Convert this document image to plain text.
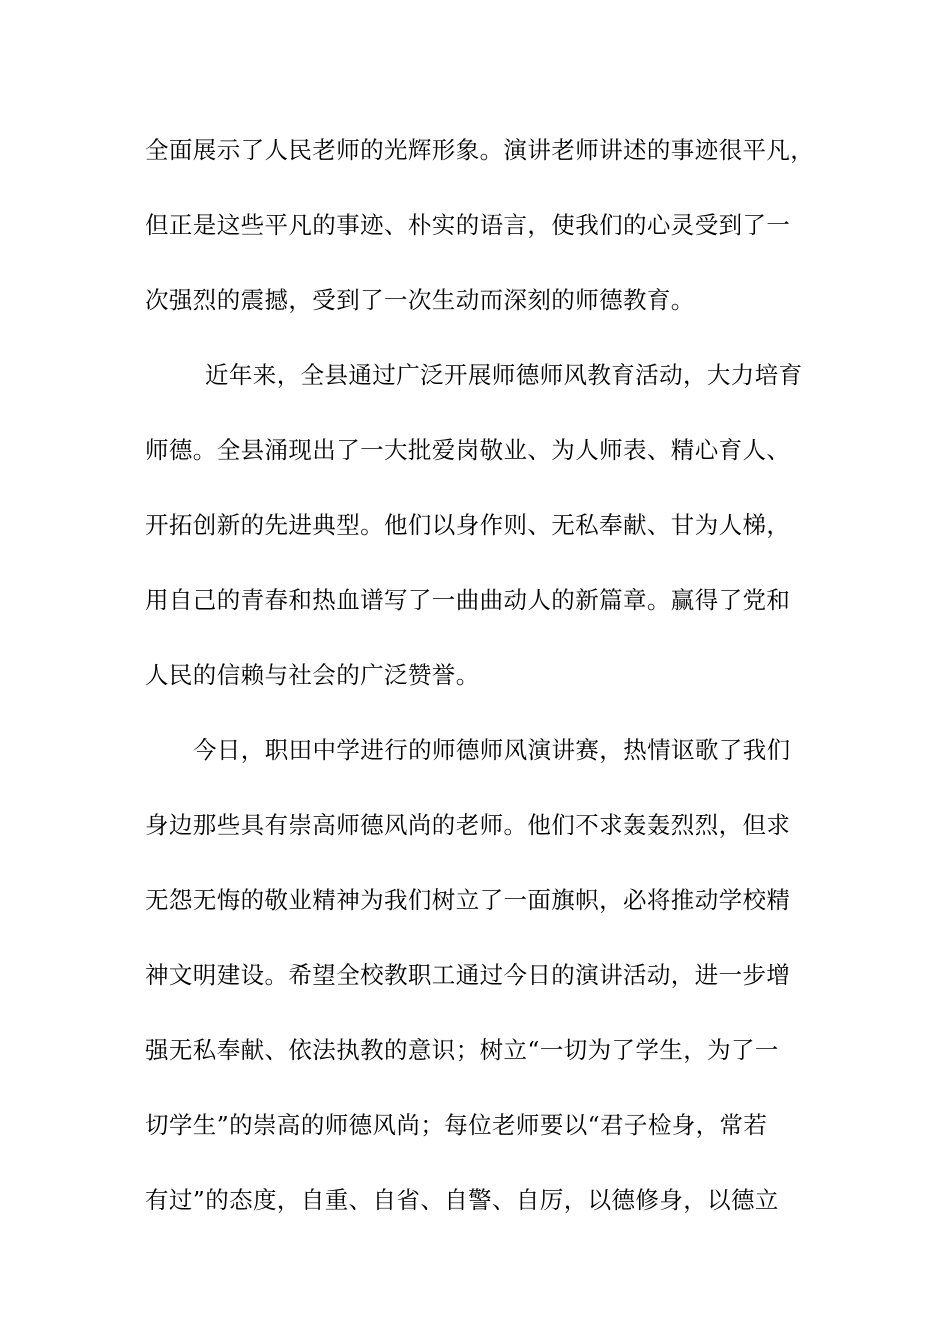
全面展示了人民老师的光辉形象。演讲老师讲述的事迹很平凡，
但正是这些平凡的事迹、朴实的语言，使我们的心灵受到了一
次强烈的震撼，受到了一次生动而深刻的师德教育。
近年来，全县通过广泛开展师德师风教育活动，大力培育
师德。全县涌现出了一大批爱岗敬业、为人师表、精心育人、
开拓创新的先进典型。他们以身作则、无私奉献、甘为人梯，
用自己的青春和热血谱写了一曲曲动人的新篇章。赢得了党和
人民的信赖与社会的广泛赞誉。
今日，职田中学进行的师德师风演讲赛，热情讴歌了我们
身边那些具有崇高师德风尚的老师。他们不求轰轰烈烈，但求
无怨无悔的敬业精神为我们树立了一面旗帜，必将推动学校精
神文明建设。希望全校教职工通过今日的演讲活动，进一步增
强无私奉献、依法执教的意识；树立“一切为了学生，为了一
切学生”的崇高的师德风尚；每位老师要以“君子检身，常若
有过”的态度，自重、自省、自警、自厉，以德修身，以德立
